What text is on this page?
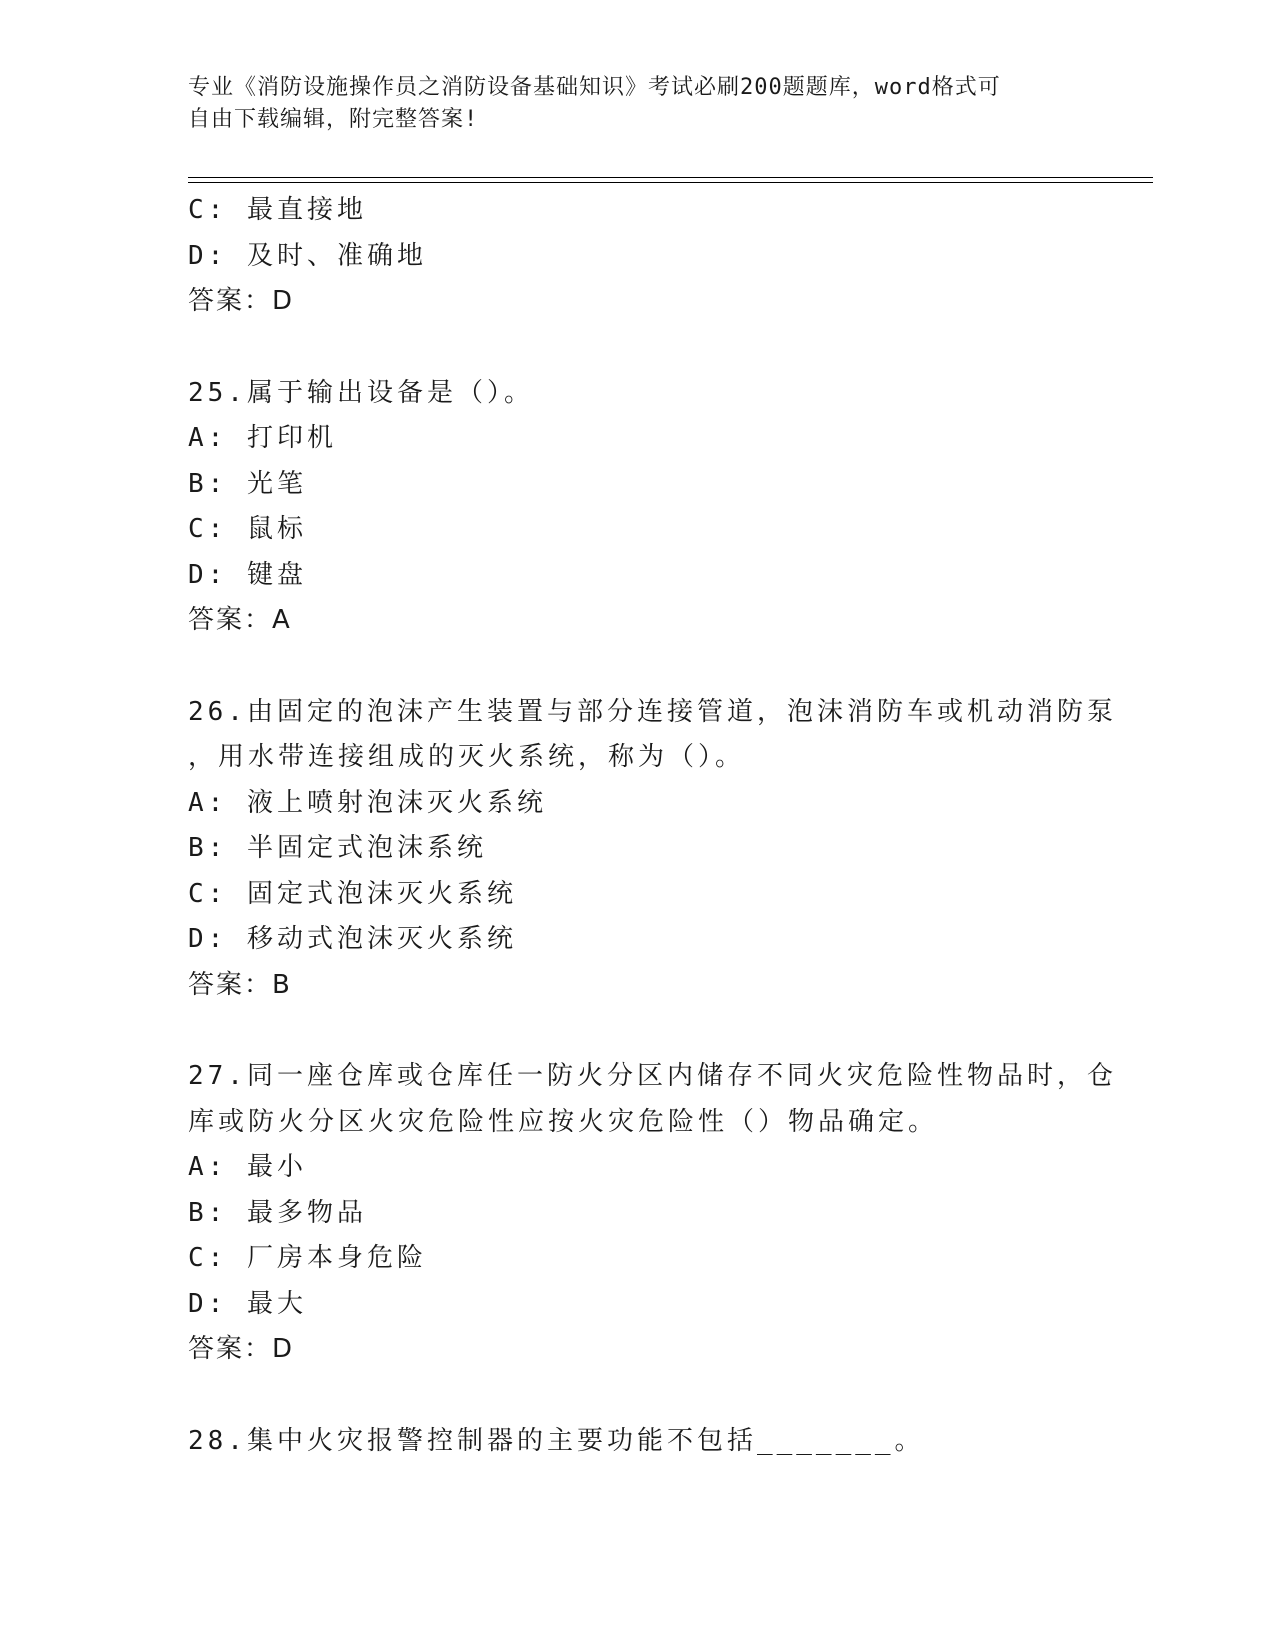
专业《消防设施操作员之消防设备基础知识》考试必刷200题题库，word格式可
自由下载编辑，附完整答案!
C: 最直接地
D: 及时、准确地
答案：D
25.属于输出设备是（）。
A: 打印机
B: 光笔
C: 鼠标
D: 键盘
答案：A
26.由固定的泡沫产生装置与部分连接管道，泡沫消防车或机动消防泵
，用水带连接组成的灭火系统，称为（）。
A: 液上喷射泡沫灭火系统
B: 半固定式泡沫系统
C: 固定式泡沫灭火系统
D: 移动式泡沫灭火系统
答案：B
27.同一座仓库或仓库任一防火分区内储存不同火灾危险性物品时，仓
库或防火分区火灾危险性应按火灾危险性（）物品确定。
A: 最小
B: 最多物品
C: 厂房本身危险
D: 最大
答案：D
28.集中火灾报警控制器的主要功能不包括_______。
